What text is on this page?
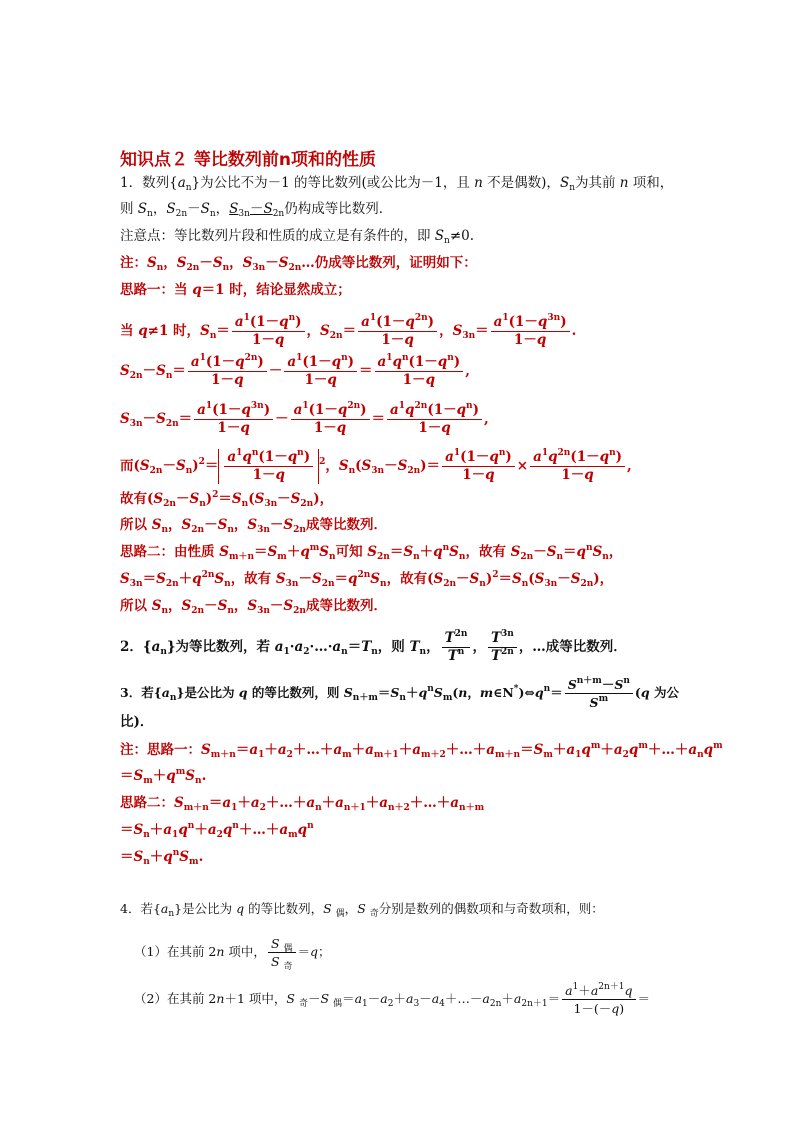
知识点２ 等比数列前n项和的性质
1．数列$\{a_n\}$为公比不为－1 的等比数列(或公比为－1，且 n 不是偶数)，$S_n$为其前 n 项和，
则 $S_n$，$S_{2n}-S_n$，$S_{3n}-S_{2n}$仍构成等比数列．
注意点：等比数列片段和性质的成立是有条件的，即 $S_n\ne 0$.
注：$S_n$，$S_{2n}-S_n$，$S_{3n}-S_{2n}\dots$仍成等比数列，证明如下：
思路一：当 q＝1 时，结论显然成立；
当 q≠1 时，$S_n= \frac{a^1(1-q^n)}{1-q}$ ，$S_{2n}= \frac{a^1(1-q^{2n})}{1-q}$ ，$S_{3n}= \frac{a^1(1-q^{3n})}{1-q}$ .
$S_{2n}-S_n= \frac{a^1(1-q^{2n})}{1-q} - \frac{a^1(1-q^n)}{1-q} = \frac{a^1q^n(1-q^n)}{1-q}$ ,
$S_{3n}-S_{2n}= \frac{a^1(1-q^{3n})}{1-q} - \frac{a^1(1-q^{2n})}{1-q} = \frac{a^1q^{2n}(1-q^n)}{1-q}$ ,
而$(S_{2n}-S_n)^2= \frac{a^1q^n(1-q^n)}{1-q} ^2$，$S_n(S_{3n}-S_{2n})= \frac{a^1(1-q^n)}{1-q} \times \frac{a^1q^{2n}(1-q^n)}{1-q}$ ,
故有$(S_{2n}-S_n)^2=S_n(S_{3n}-S_{2n})$，
所以 $S_n$，$S_{2n}-S_n$，$S_{3n}-S_{2n}$成等比数列．
思路二：由性质 $S_{m+n}=S_m+q^mS_n$可知 $S_{2n}=S_n+q^nS_n$，故有 $S_{2n}-S_n=q^nS_n$，
$S_{3n}=S_{2n}+q^{2n}S_n$，故有 $S_{3n}-S_{2n}=q^{2n}S_n$，故有$(S_{2n}-S_n)^2=S_n(S_{3n}-S_{2n})$，
所以 $S_n$，$S_{2n}-S_n$，$S_{3n}-S_{2n}$成等比数列．
2．$\{a_n\}$为等比数列，若 $a_1\cdot a_2\cdot\dots\cdot a_n=T_n$，则 $T_n$， $\frac{T^{2n}}{T^n}$ ， $\frac{T^{3n}}{T^{2n}}$ ，…成等比数列．
3．若$\{a_n\}$是公比为 q 的等比数列，则 $S_{n+m}=S_n+q^nS_m(n$，$m\in N^*)\Leftrightarrow q^n= \frac{S^{n+m}-S^n}{S^m} (q$ 为公
比)．
注：思路一：$S_{m+n}=a_1+a_2+\dots+a_m+a_{m+1}+a_{m+2}+\dots+a_{m+n}=S_m+a_1q^m+a_2q^m+\dots+a_nq^m$
$=S_m+q^mS_n$.
思路二：$S_{m+n}=a_1+a_2+\dots+a_n+a_{n+1}+a_{n+2}+\dots+a_{n+m}$
$=S_n+a_1q^n+a_2q^n+\dots+a_mq^n$
$=S_n+q^nS_m$.
4．若$\{a_n\}$是公比为 q 的等比数列，S $_偶$，S $_奇$分别是数列的偶数项和与奇数项和，则：
（1）在其前 2n 项中， $\frac{S _偶}{S _奇} =q$；
（2）在其前 2n＋1 项中，S $_奇$－S $_偶=a_1-a_2+a_3-a_4+\dots-a_{2n}+a_{2n+1}= \frac{a^1+a^{2n+1}q}{1-(-q)}$ ＝
